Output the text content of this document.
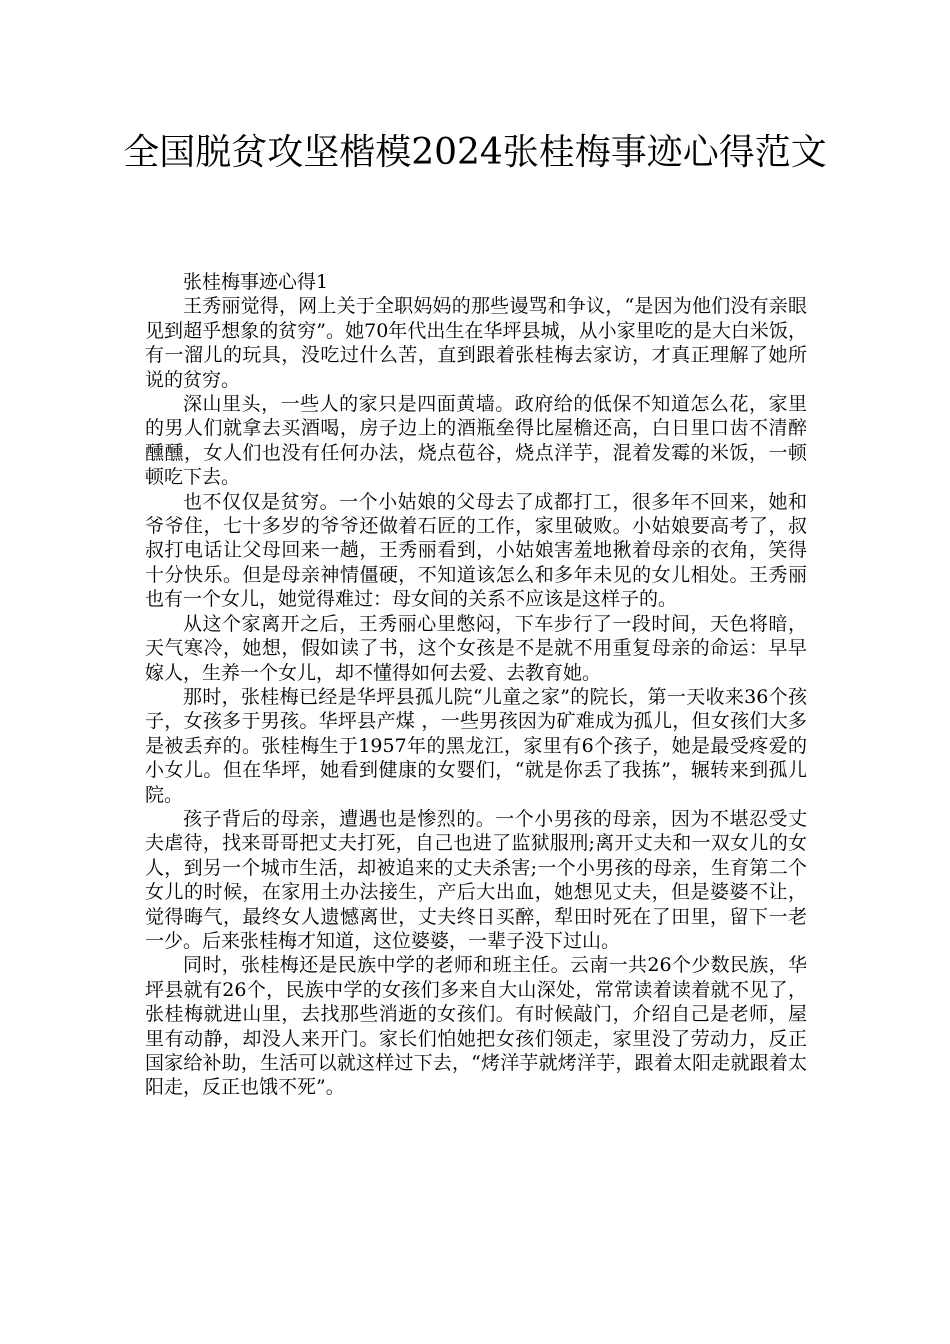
全国脱贫攻坚楷模2024张桂梅事迹心得范文

张桂梅事迹心得1

王秀丽觉得，网上关于全职妈妈的那些谩骂和争议，“是因为他们没有亲眼见到超乎想象的贫穷”。她70年代出生在华坪县城，从小家里吃的是大白米饭，有一溜儿的玩具，没吃过什么苦，直到跟着张桂梅去家访，才真正理解了她所说的贫穷。

深山里头，一些人的家只是四面黄墙。政府给的低保不知道怎么花，家里的男人们就拿去买酒喝，房子边上的酒瓶垒得比屋檐还高，白日里口齿不清醉醺醺，女人们也没有任何办法，烧点苞谷，烧点洋芋，混着发霉的米饭，一顿顿吃下去。

也不仅仅是贫穷。一个小姑娘的父母去了成都打工，很多年不回来，她和爷爷住，七十多岁的爷爷还做着石匠的工作，家里破败。小姑娘要高考了，叔叔打电话让父母回来一趟，王秀丽看到，小姑娘害羞地揪着母亲的衣角，笑得十分快乐。但是母亲神情僵硬，不知道该怎么和多年未见的女儿相处。王秀丽也有一个女儿，她觉得难过：母女间的关系不应该是这样子的。

从这个家离开之后，王秀丽心里憋闷，下车步行了一段时间，天色将暗，天气寒冷，她想，假如读了书，这个女孩是不是就不用重复母亲的命运：早早嫁人，生养一个女儿，却不懂得如何去爱、去教育她。

那时，张桂梅已经是华坪县孤儿院“儿童之家”的院长，第一天收来36个孩子，女孩多于男孩。华坪县产煤 ，一些男孩因为矿难成为孤儿，但女孩们大多是被丢弃的。张桂梅生于1957年的黑龙江，家里有6个孩子，她是最受疼爱的小女儿。但在华坪，她看到健康的女婴们，“就是你丢了我拣”，辗转来到孤儿院。

孩子背后的母亲，遭遇也是惨烈的。一个小男孩的母亲，因为不堪忍受丈夫虐待，找来哥哥把丈夫打死，自己也进了监狱服刑;离开丈夫和一双女儿的女人，到另一个城市生活，却被追来的丈夫杀害;一个小男孩的母亲，生育第二个女儿的时候，在家用土办法接生，产后大出血，她想见丈夫，但是婆婆不让，觉得晦气，最终女人遗憾离世，丈夫终日买醉，犁田时死在了田里，留下一老一少。后来张桂梅才知道，这位婆婆，一辈子没下过山。

同时，张桂梅还是民族中学的老师和班主任。云南一共26个少数民族，华坪县就有26个，民族中学的女孩们多来自大山深处，常常读着读着就不见了，张桂梅就进山里，去找那些消逝的女孩们。有时候敲门，介绍自己是老师，屋里有动静，却没人来开门。家长们怕她把女孩们领走，家里没了劳动力，反正国家给补助，生活可以就这样过下去，“烤洋芋就烤洋芋，跟着太阳走就跟着太阳走，反正也饿不死”。
